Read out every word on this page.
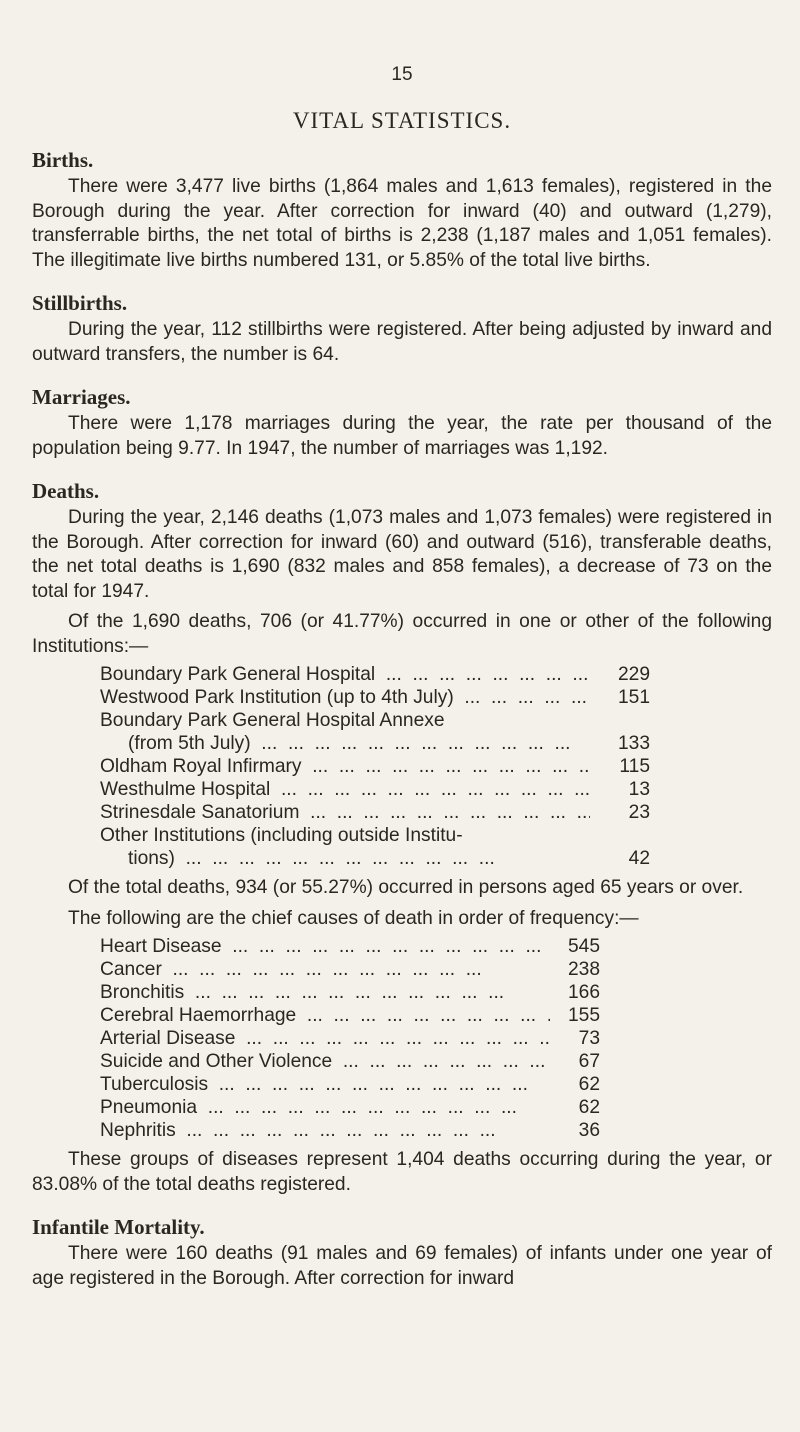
15
VITAL STATISTICS.
Births.

There were 3,477 live births (1,864 males and 1,613 females), registered in the Borough during the year. After correction for inward (40) and outward (1,279), transferrable births, the net total of births is 2,238 (1,187 males and 1,051 females). The illegitimate live births numbered 131, or 5.85% of the total live births.

Stillbirths.

During the year, 112 stillbirths were registered. After being adjusted by inward and outward transfers, the number is 64.

Marriages.

There were 1,178 marriages during the year, the rate per thousand of the population being 9.77. In 1947, the number of marriages was 1,192.

Deaths.

During the year, 2,146 deaths (1,073 males and 1,073 females) were registered in the Borough. After correction for inward (60) and outward (516), transferable deaths, the net total deaths is 1,690 (832 males and 858 females), a decrease of 73 on the total for 1947.

Of the 1,690 deaths, 706 (or 41.77%) occurred in one or other of the following Institutions:—

Boundary Park General Hospital ...	229
Westwood Park Institution (up to 4th July) ...	151
Boundary Park General Hospital Annexe
(from 5th July) ...	133
Oldham Royal Infirmary ...	115
Westhulme Hospital ...	13
Strinesdale Sanatorium ...	23
Other Institutions (including outside Institu-
tions) ...	42

Of the total deaths, 934 (or 55.27%) occurred in persons aged 65 years or over.

The following are the chief causes of death in order of frequency:—

Heart Disease ...	545
Cancer ...	238
Bronchitis ...	166
Cerebral Haemorrhage ...	155
Arterial Disease ...	73
Suicide and Other Violence ...	67
Tuberculosis ...	62
Pneumonia ...	62
Nephritis ...	36

These groups of diseases represent 1,404 deaths occurring during the year, or 83.08% of the total deaths registered.

Infantile Mortality.

There were 160 deaths (91 males and 69 females) of infants under one year of age registered in the Borough. After correction for inward
